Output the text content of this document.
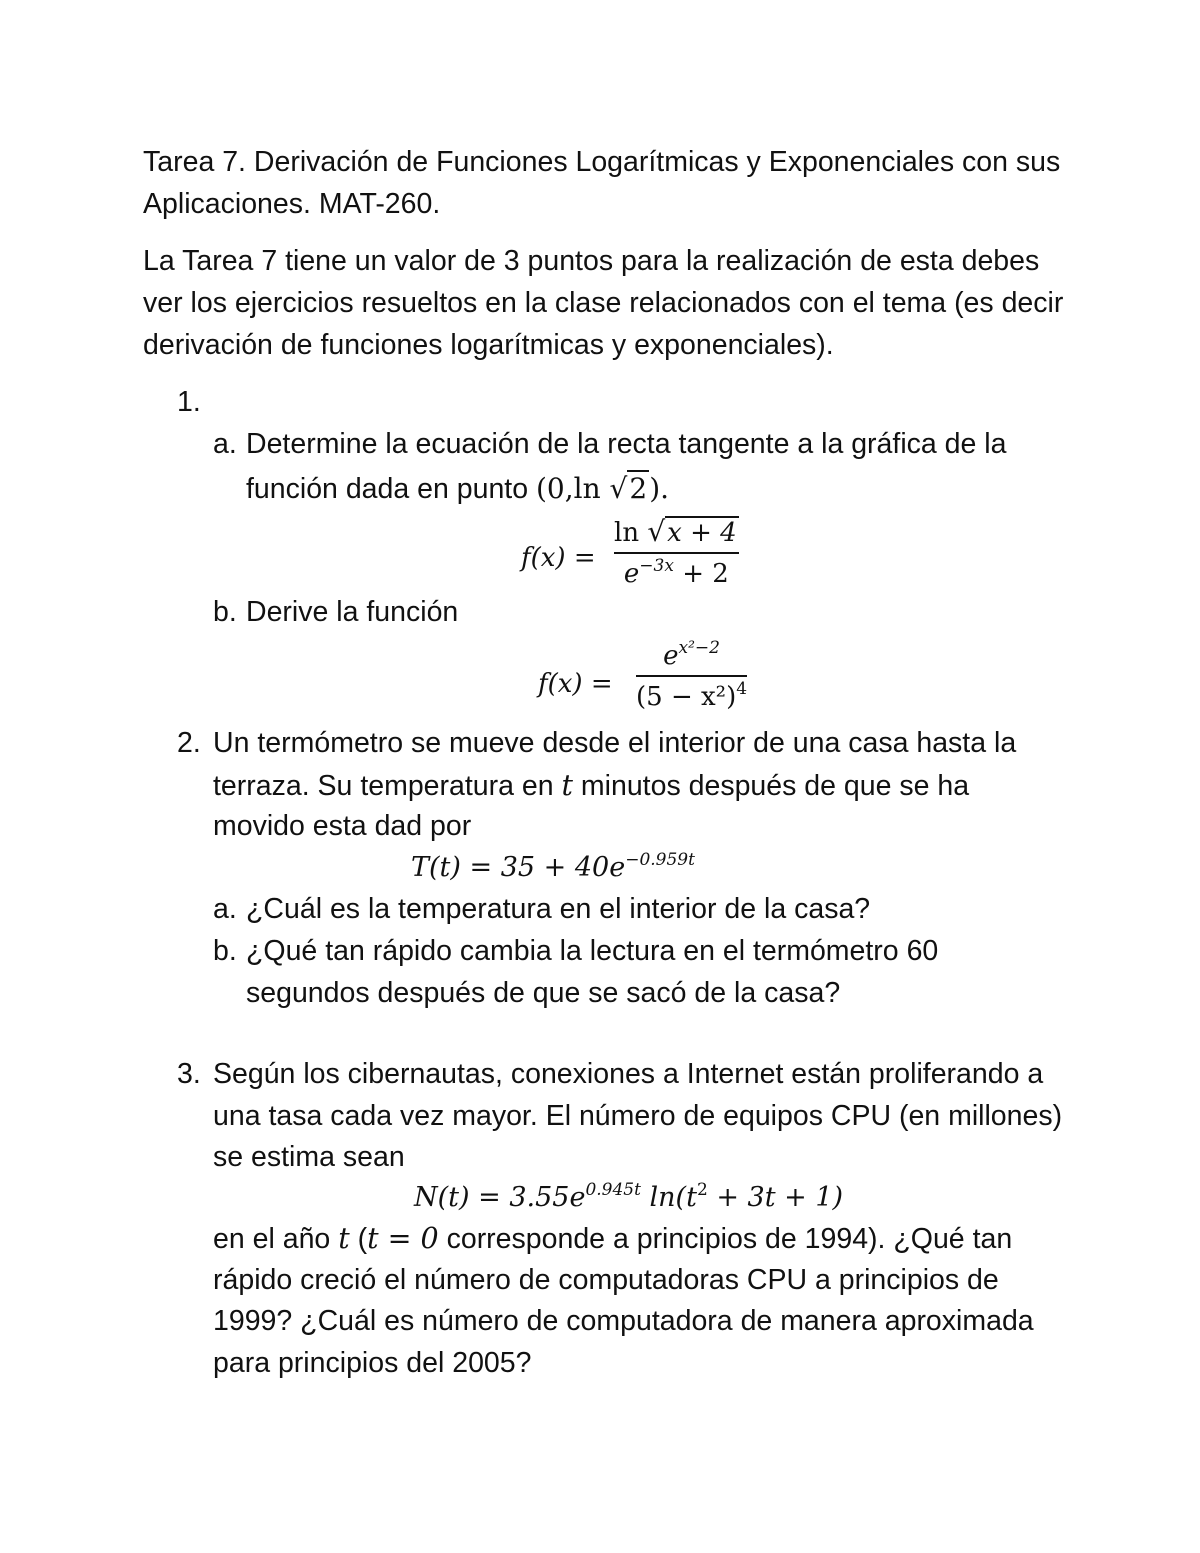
Tarea 7. Derivación de Funciones Logarítmicas y Exponenciales con sus
Aplicaciones. MAT-260.
La Tarea 7 tiene un valor de 3 puntos para la realización de esta debes
ver los ejercicios resueltos en la clase relacionados con el tema (es decir
derivación de funciones logarítmicas y exponenciales).
1.
a. Determine la ecuación de la recta tangente a la gráfica de la
función dada en punto (0,ln √2).
f(x) =
ln √x + 4
$e^{-3x} + 2$
b. Derive la función
f(x) =
$e^{x^2-2}$
$(5 - x^2)^4$
2. Un termómetro se mueve desde el interior de una casa hasta la
terraza. Su temperatura en t minutos después de que se ha
movido esta dad por
$T(t) = 35 + 40e^{-0.959t}$
a. ¿Cuál es la temperatura en el interior de la casa?
b. ¿Qué tan rápido cambia la lectura en el termómetro 60
segundos después de que se sacó de la casa?
3. Según los cibernautas, conexiones a Internet están proliferando a
una tasa cada vez mayor. El número de equipos CPU (en millones)
se estima sean
$N(t) = 3.55e^{0.945t}$ $\ln(t^2 + 3t + 1)$
en el año t (t = 0 corresponde a principios de 1994). ¿Qué tan
rápido creció el número de computadoras CPU a principios de
1999? ¿Cuál es número de computadora de manera aproximada
para principios del 2005?
